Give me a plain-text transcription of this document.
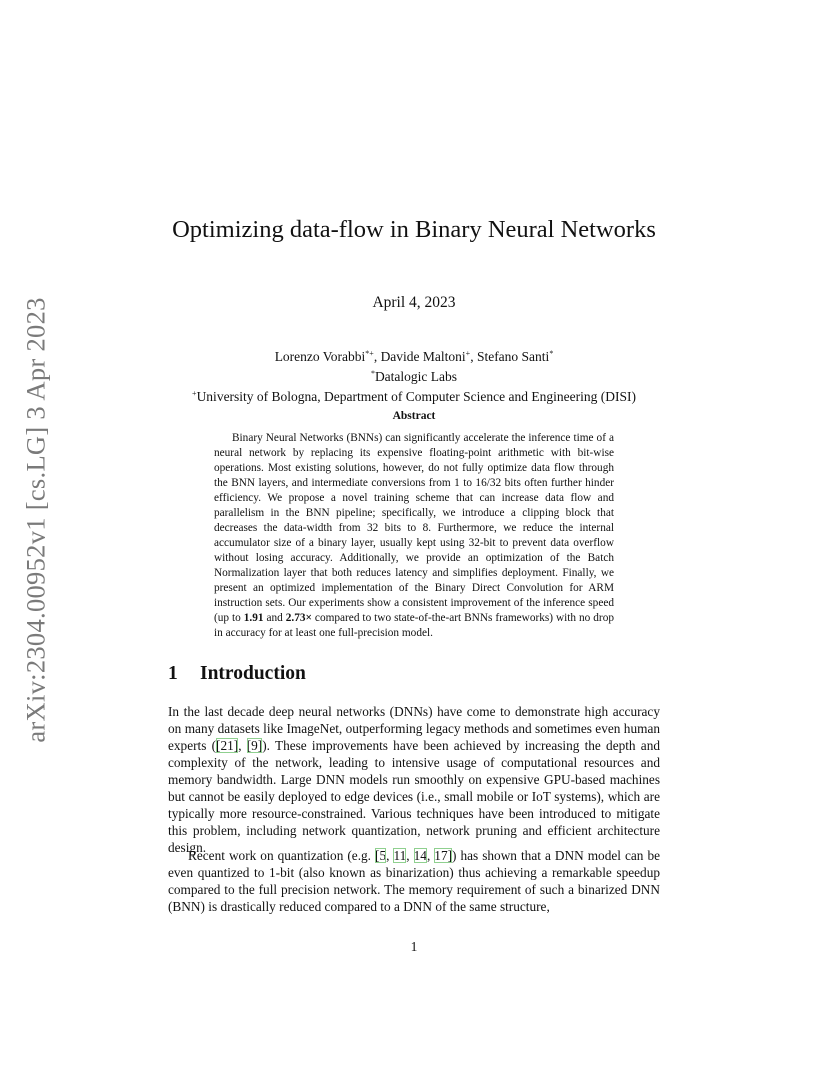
arXiv:2304.00952v1 [cs.LG] 3 Apr 2023
Optimizing data-flow in Binary Neural Networks
April 4, 2023
Lorenzo Vorabbi*+, Davide Maltoni+, Stefano Santi*
*Datalogic Labs
+University of Bologna, Department of Computer Science and Engineering (DISI)
Abstract

Binary Neural Networks (BNNs) can significantly accelerate the inference time of a neural network by replacing its expensive floating-point arithmetic with bit-wise operations. Most existing solutions, however, do not fully optimize data flow through the BNN layers, and intermediate conversions from 1 to 16/32 bits often further hinder efficiency. We propose a novel training scheme that can increase data flow and parallelism in the BNN pipeline; specifically, we introduce a clipping block that decreases the data-width from 32 bits to 8. Furthermore, we reduce the internal accumulator size of a binary layer, usually kept using 32-bit to prevent data overflow without losing accuracy. Additionally, we provide an optimization of the Batch Normalization layer that both reduces latency and simplifies deployment. Finally, we present an optimized implementation of the Binary Direct Convolution for ARM instruction sets. Our experiments show a consistent improvement of the inference speed (up to 1.91 and 2.73× compared to two state-of-the-art BNNs frameworks) with no drop in accuracy for at least one full-precision model.

1 Introduction

In the last decade deep neural networks (DNNs) have come to demonstrate high accuracy on many datasets like ImageNet, outperforming legacy methods and sometimes even human experts ([21], [9]). These improvements have been achieved by increasing the depth and complexity of the network, leading to intensive usage of computational resources and memory bandwidth. Large DNN models run smoothly on expensive GPU-based machines but cannot be easily deployed to edge devices (i.e., small mobile or IoT systems), which are typically more resource-constrained. Various techniques have been introduced to mitigate this problem, including network quantization, network pruning and efficient architecture design.

Recent work on quantization (e.g. [5, 11, 14, 17]) has shown that a DNN model can be even quantized to 1-bit (also known as binarization) thus achieving a remarkable speedup compared to the full precision network. The memory requirement of such a binarized DNN (BNN) is drastically reduced compared to a DNN of the same structure,

1
